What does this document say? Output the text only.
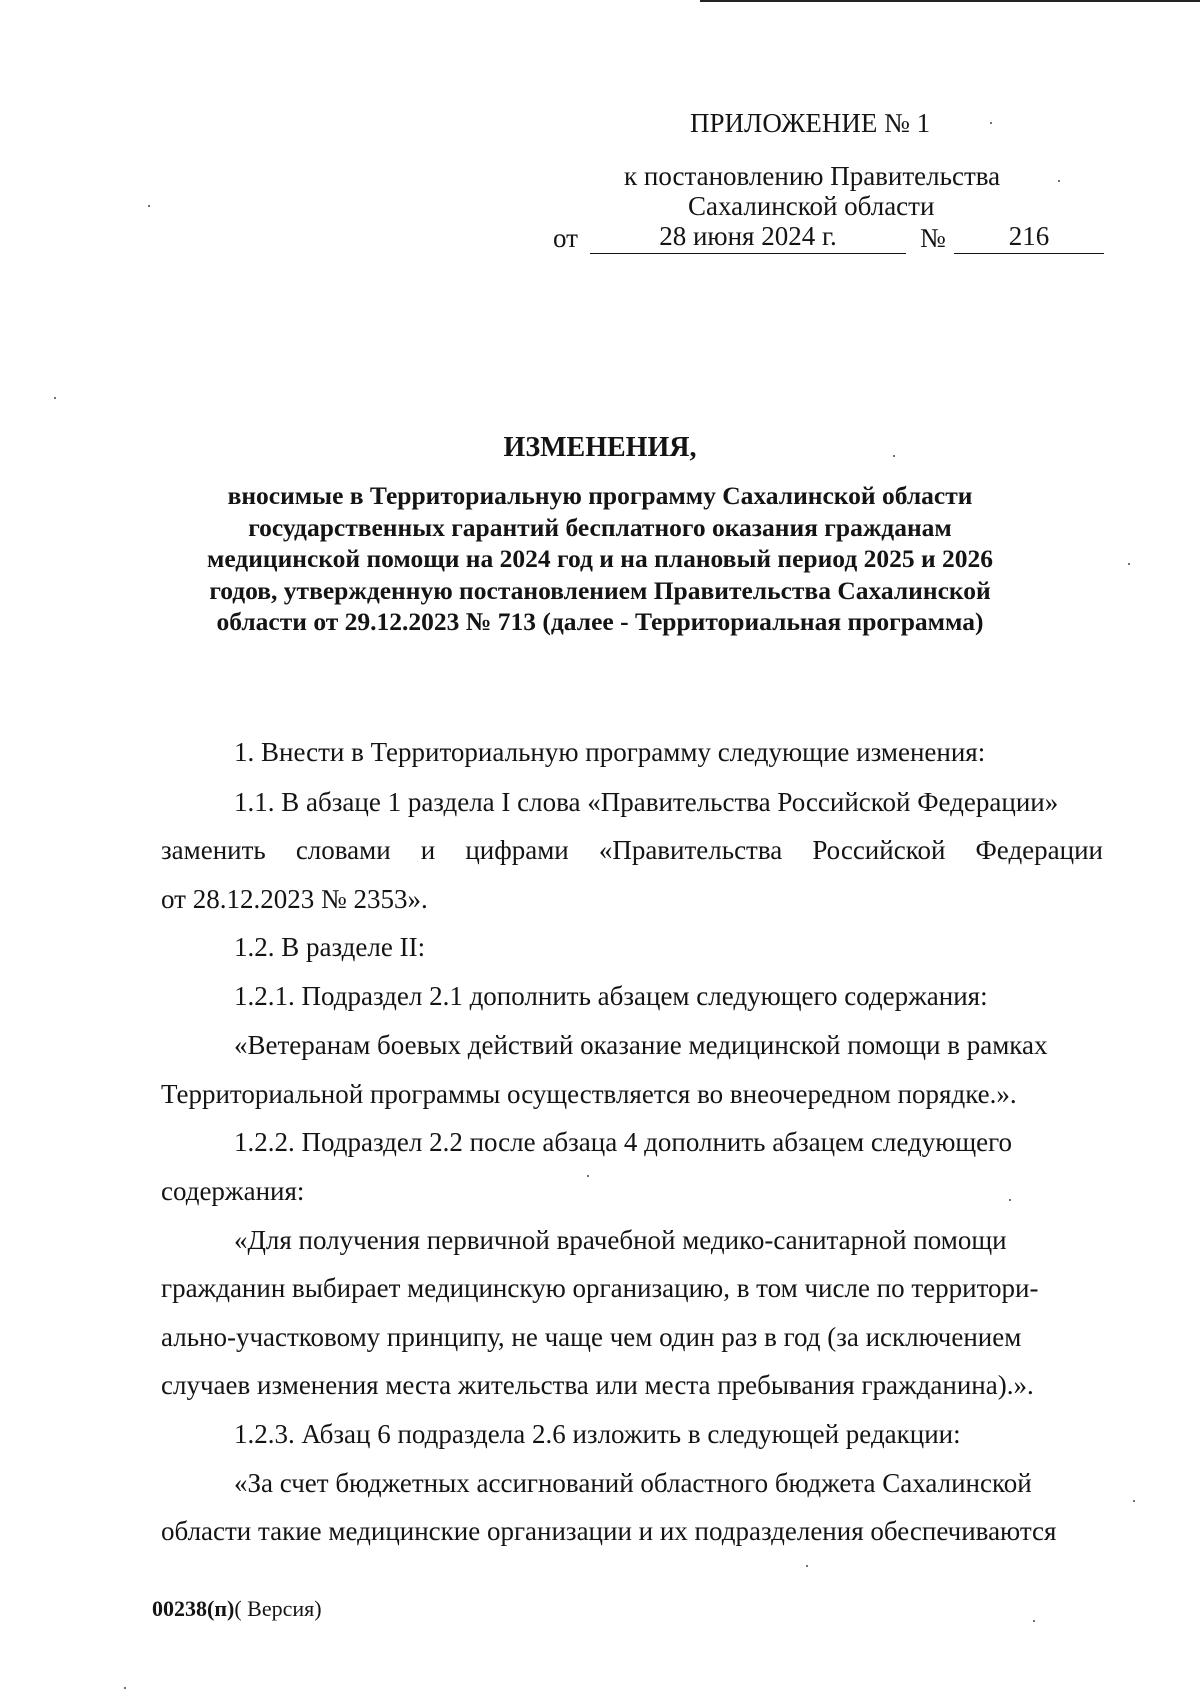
ПРИЛОЖЕНИЕ № 1
к постановлению Правительства
Сахалинской области
от	28 июня 2024 г.	№	216
ИЗМЕНЕНИЯ,
вносимые в Территориальную программу Сахалинской области
государственных гарантий бесплатного оказания гражданам
медицинской помощи на 2024 год и на плановый период 2025 и 2026
годов, утвержденную постановлением Правительства Сахалинской
области от 29.12.2023 № 713 (далее - Территориальная программа)
1. Внести в Территориальную программу следующие изменения:
1.1. В абзаце 1 раздела I слова «Правительства Российской Федерации»
заменить словами и цифрами «Правительства Российской Федерации
от 28.12.2023 № 2353».
1.2. В разделе II:
1.2.1. Подраздел 2.1 дополнить абзацем следующего содержания:
«Ветеранам боевых действий оказание медицинской помощи в рамках
Территориальной программы осуществляется во внеочередном порядке.».
1.2.2. Подраздел 2.2 после абзаца 4 дополнить абзацем следующего
содержания:
«Для получения первичной врачебной медико-санитарной помощи
гражданин выбирает медицинскую организацию, в том числе по территори-
ально-участковому принципу, не чаще чем один раз в год (за исключением
случаев изменения места жительства или места пребывания гражданина).».
1.2.3. Абзац 6 подраздела 2.6 изложить в следующей редакции:
«За счет бюджетных ассигнований областного бюджета Сахалинской
области такие медицинские организации и их подразделения обеспечиваются
00238(п)( Версия)
